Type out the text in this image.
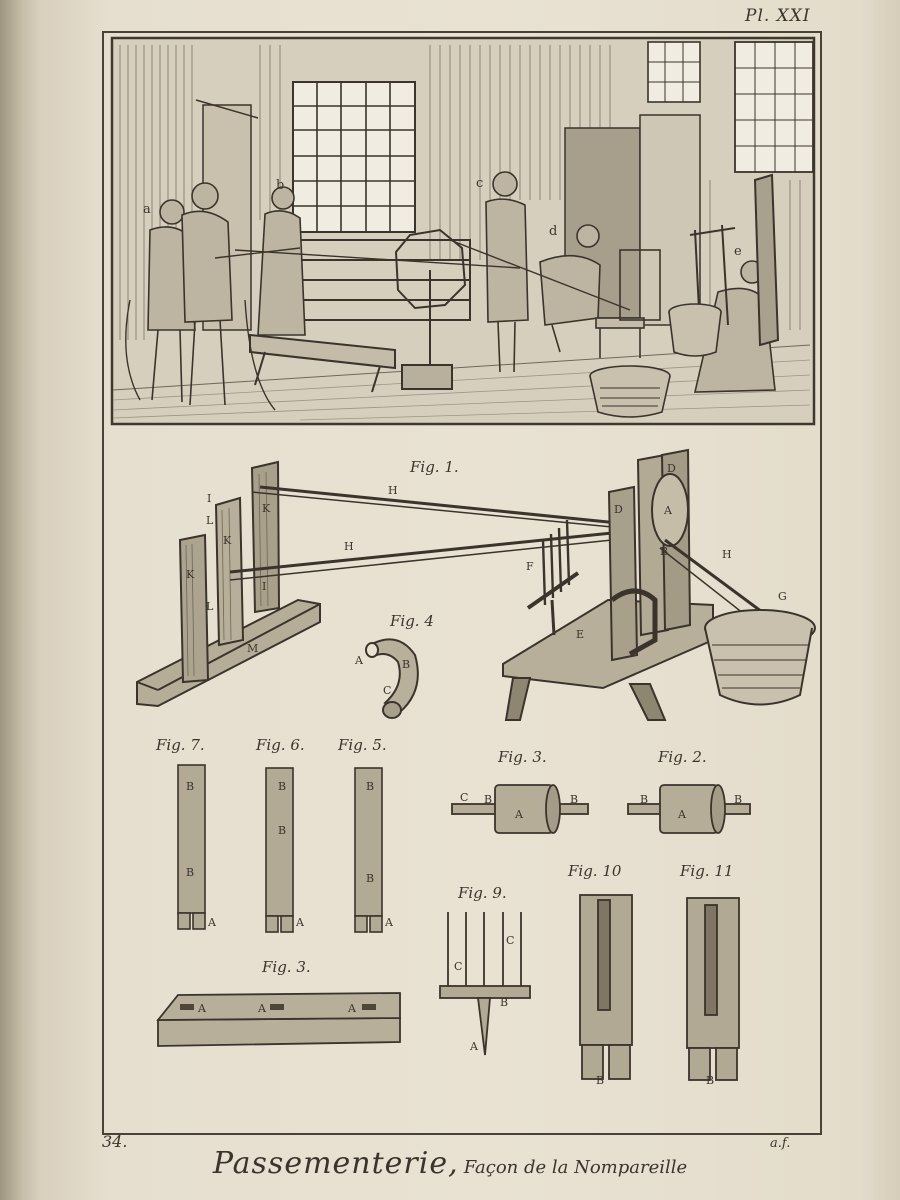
Pl. XXI
34.	a.f.
Passementerie, Façon de la Nompareille
Fig. 1.
Fig. 4
Fig. 7.	Fig. 6. Fig. 5.
Fig. 3.	Fig. 2.
Fig. 10	Fig. 11
Fig. 9.
Fig. 3.
a
b	c
d
e
I
L
K
K
K
L
I
M
H
H
D
D
A
B
F
E
H
G
A	B
C
B
B
A
B
B
A
B
B
A
C B
A
B	B
A
B
C
C
B
A
B	B
A	A	A
